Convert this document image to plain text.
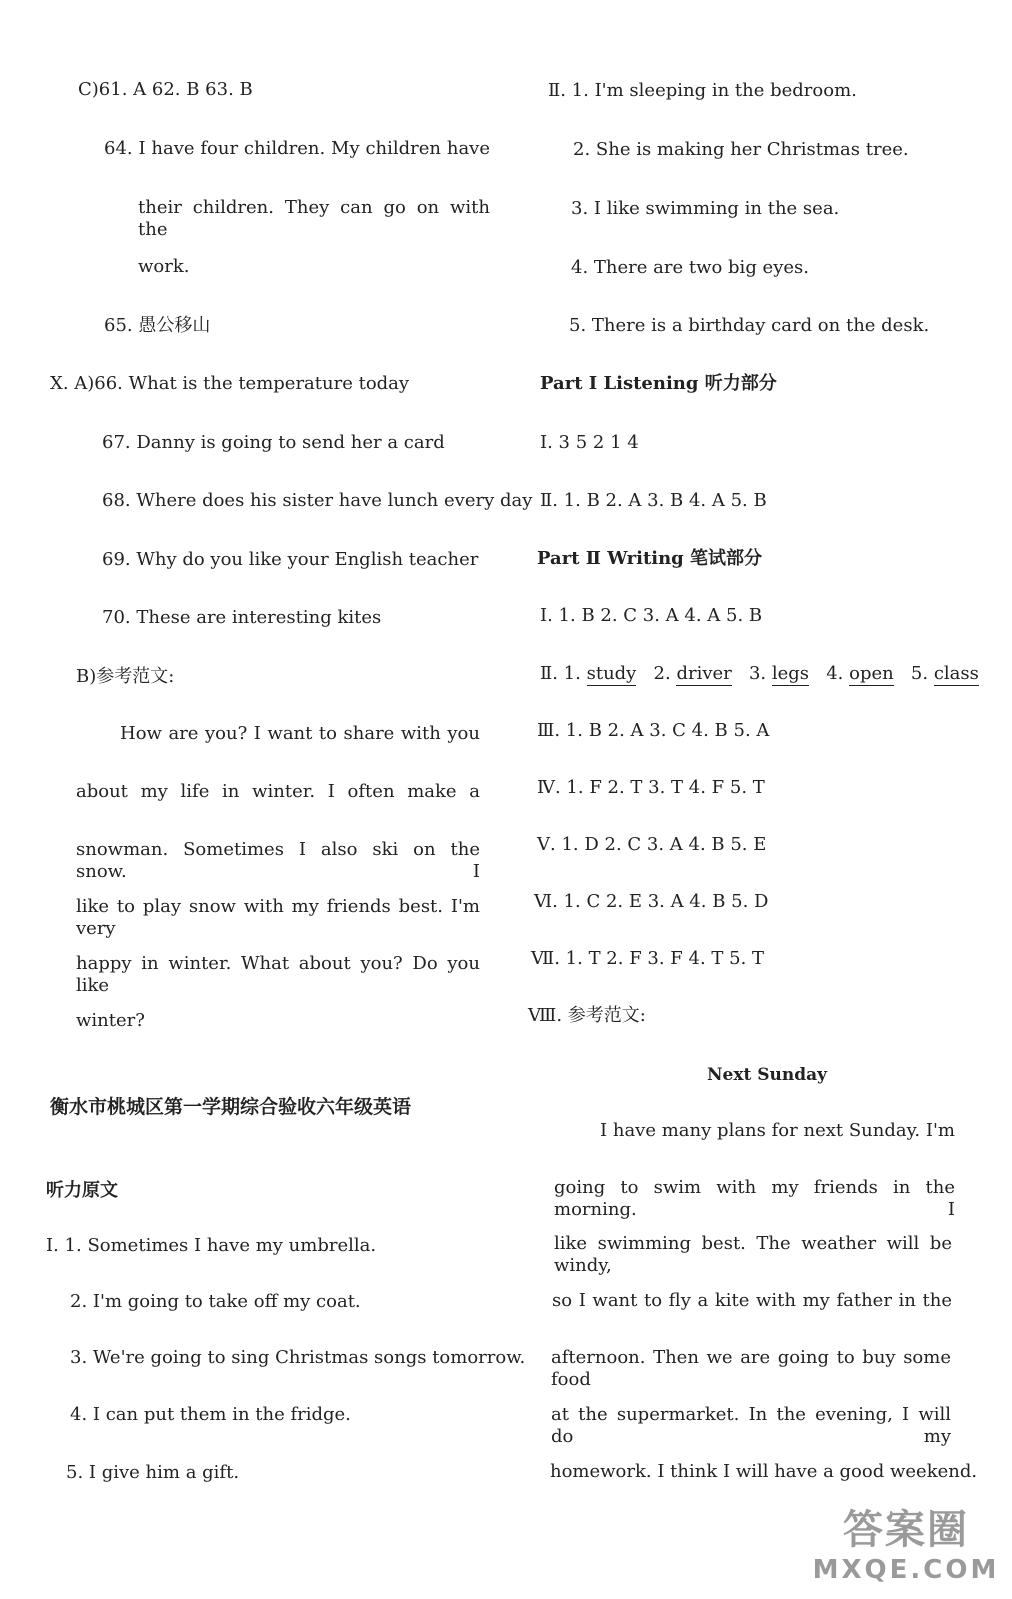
C)61. A 62. B 63. B
64. I have four children. My children have
their children. They can go on with the
work.
65. 愚公移山
Ⅹ. A)66. What is the temperature today
67. Danny is going to send her a card
68. Where does his sister have lunch every day
69. Why do you like your English teacher
70. These are interesting kites
B)参考范文:
How are you? I want to share with you
about my life in winter. I often make a
snowman. Sometimes I also ski on the snow. I
like to play snow with my friends best. I'm very
happy in winter. What about you? Do you like
winter?
衡水市桃城区第一学期综合验收六年级英语
听力原文
Ⅰ. 1. Sometimes I have my umbrella.
2. I'm going to take off my coat.
3. We're going to sing Christmas songs tomorrow.
4. I can put them in the fridge.
5. I give him a gift.
Ⅱ. 1. I'm sleeping in the bedroom.
2. She is making her Christmas tree.
3. I like swimming in the sea.
4. There are two big eyes.
5. There is a birthday card on the desk.
Part Ⅰ Listening 听力部分
Ⅰ. 3 5 2 1 4
Ⅱ. 1. B 2. A 3. B 4. A 5. B
Part Ⅱ Writing 笔试部分
Ⅰ. 1. B 2. C 3. A 4. A 5. B
Ⅱ. 1. study 2. driver 3. legs 4. open 5. class
Ⅲ. 1. B 2. A 3. C 4. B 5. A
Ⅳ. 1. F 2. T 3. T 4. F 5. T
Ⅴ. 1. D 2. C 3. A 4. B 5. E
Ⅵ. 1. C 2. E 3. A 4. B 5. D
Ⅶ. 1. T 2. F 3. F 4. T 5. T
Ⅷ. 参考范文:
Next Sunday
I have many plans for next Sunday. I'm
going to swim with my friends in the morning. I
like swimming best. The weather will be windy,
so I want to fly a kite with my father in the
afternoon. Then we are going to buy some food
at the supermarket. In the evening, I will do my
homework. I think I will have a good weekend.
答案圈
MXQE.COM
